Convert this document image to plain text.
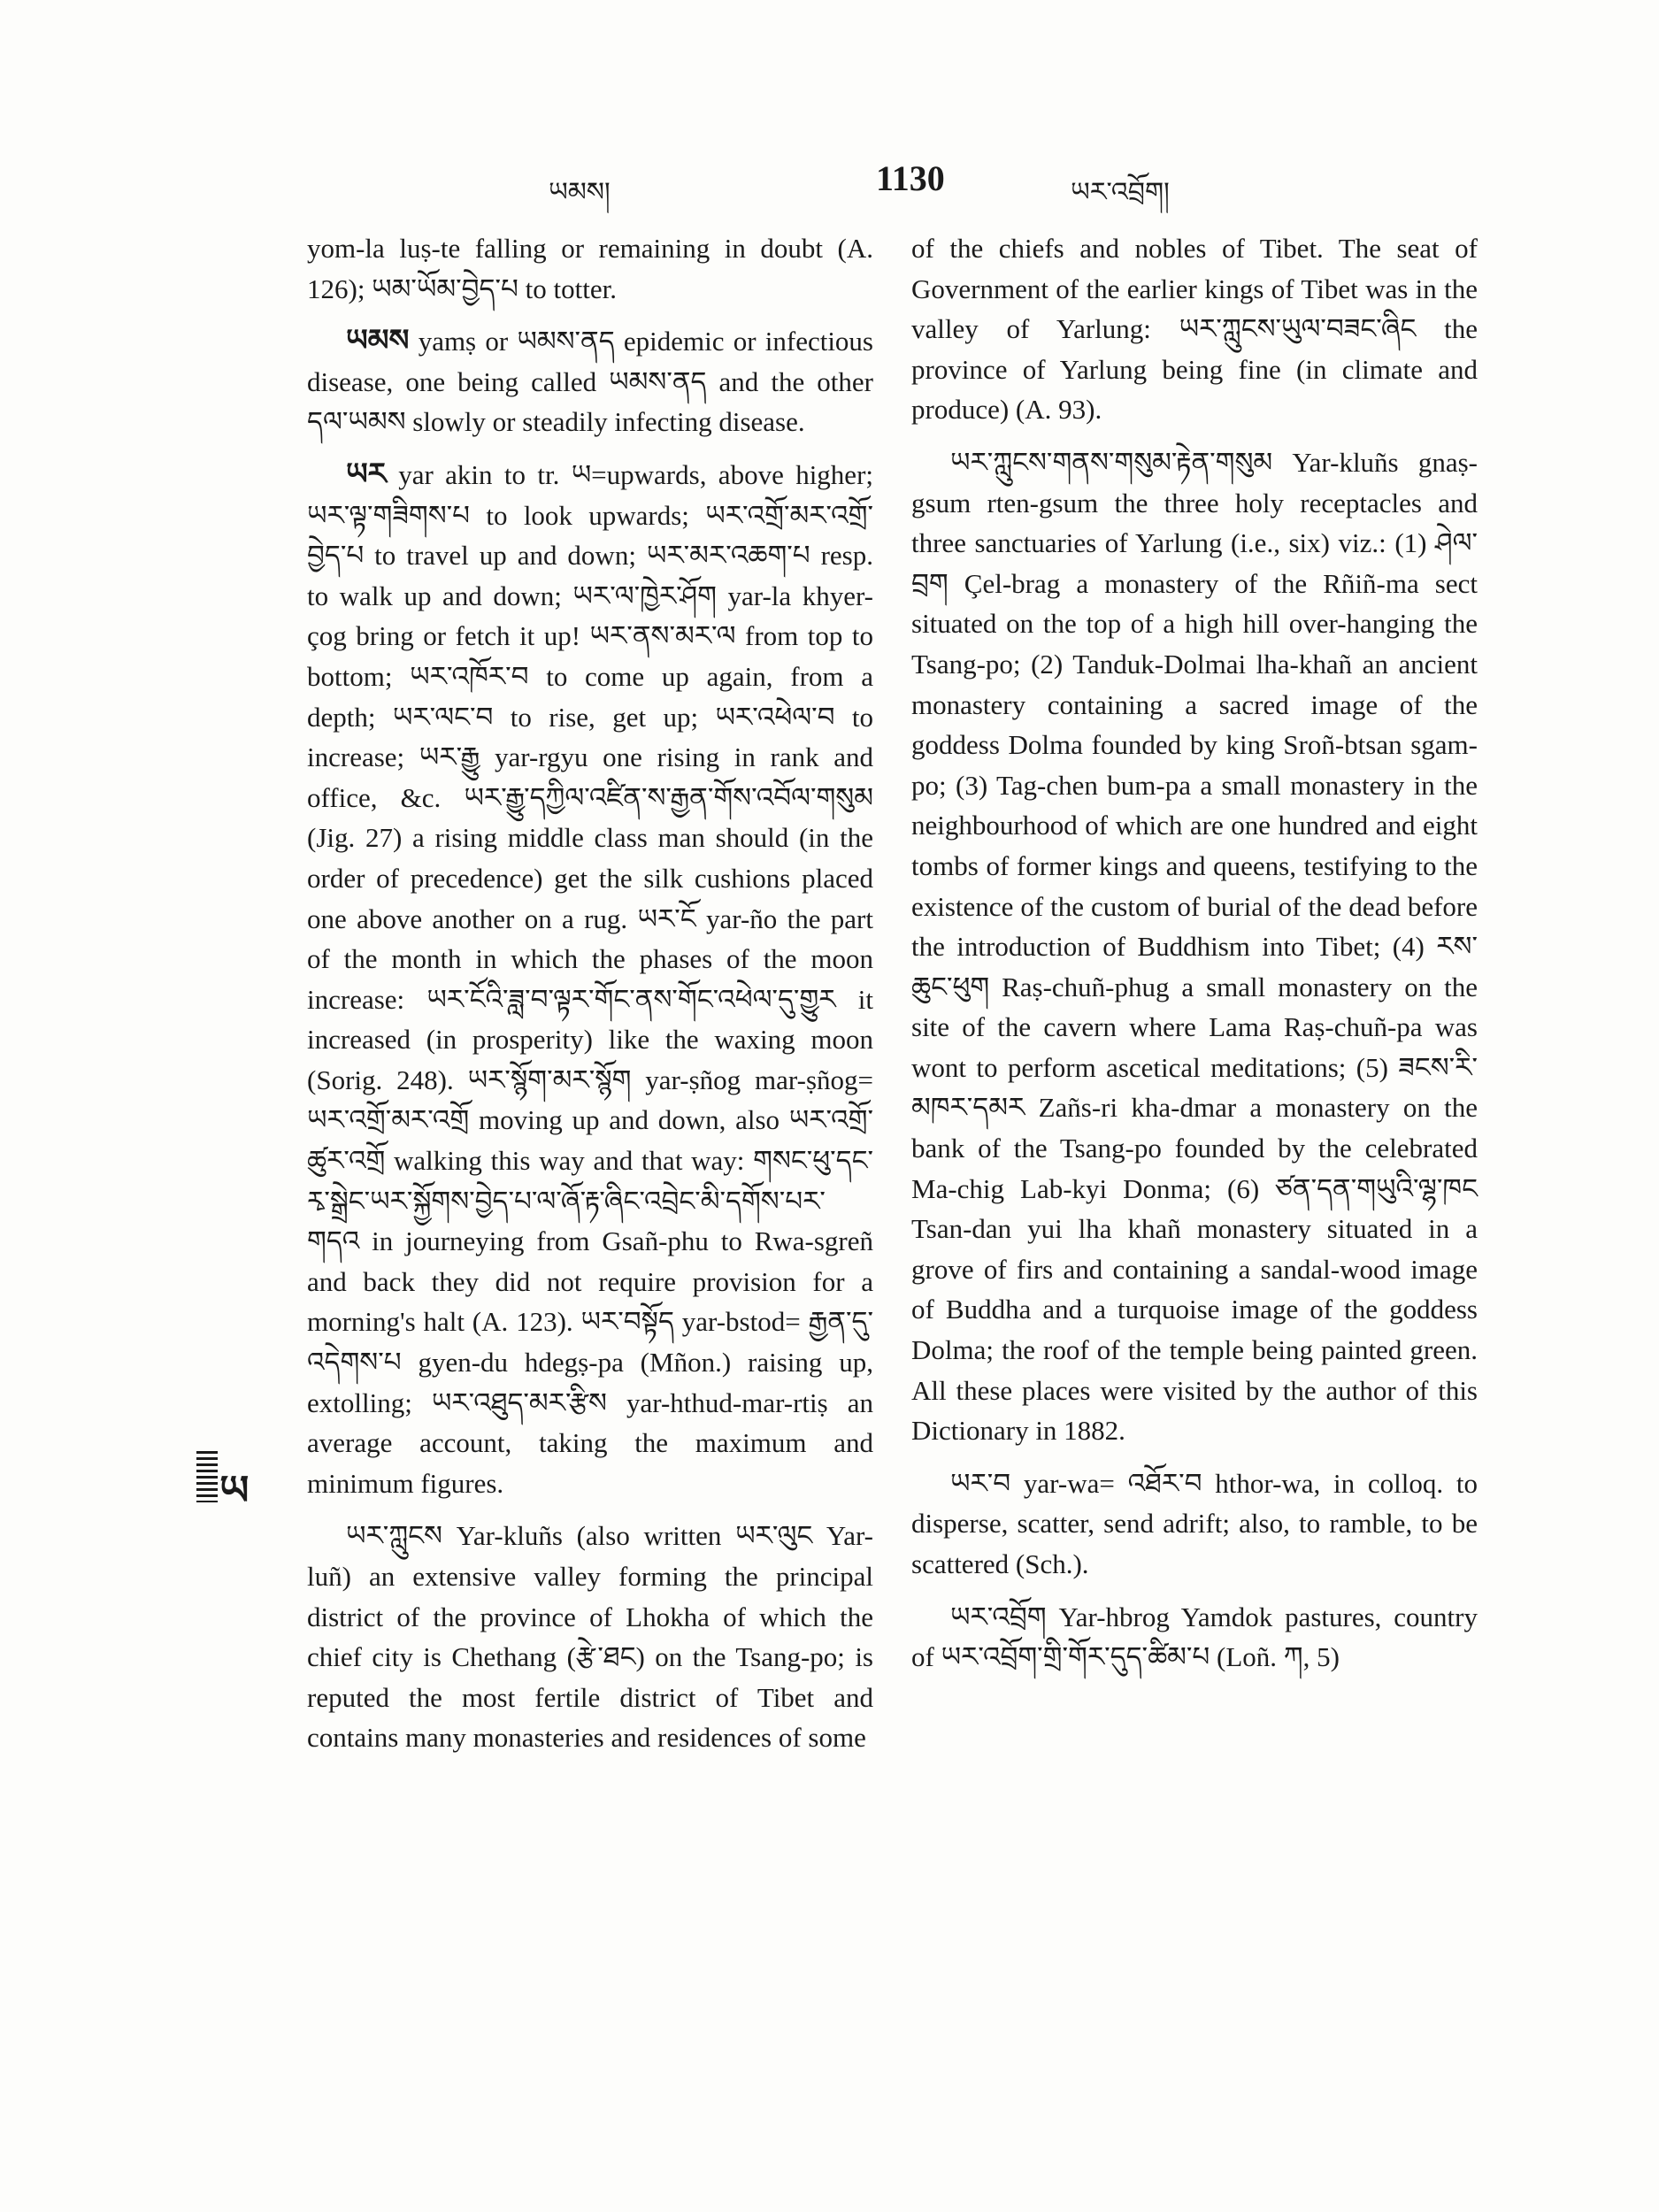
ཡམས།	1130	ཡར་འབྲོག།
ཡ

yom-la luṣ-te falling or remaining in doubt (A. 126); ཡམ་ཡོམ་བྱེད་པ to totter.

ཡམས yamṣ or ཡམས་ནད epidemic or infectious disease, one being called ཡམས་ནད and the other དལ་ཡམས slowly or steadily infecting disease.

ཡར yar akin to tr. ཡ=upwards, above higher; ཡར་ལྟ་གཟིགས་པ to look upwards; ཡར་འགྲོ་མར་འགྲོ་བྱེད་པ to travel up and down; ཡར་མར་འཆག་པ resp. to walk up and down; ཡར་ལ་ཁྱེར་ཤོག yar-la khyer-çog bring or fetch it up! ཡར་ནས་མར་ལ from top to bottom; ཡར་འཁོར་བ to come up again, from a depth; ཡར་ལང་བ to rise, get up; ཡར་འཕེལ་བ to increase; ཡར་རྒྱུ yar-rgyu one rising in rank and office, &c. ཡར་རྒྱུ་དཀྱིལ་འཛིན་ས་རྒྱན་གོས་འབོལ་གསུམ (Jig. 27) a rising middle class man should (in the order of precedence) get the silk cushions placed one above another on a rug. ཡར་ངོ yar-ño the part of the month in which the phases of the moon increase: ཡར་ངོའི་ཟླ་བ་ལྟར་གོང་ནས་གོང་འཕེལ་དུ་གྱུར it increased (in prosperity) like the waxing moon (Sorig. 248). ཡར་སྙོག་མར་སྙོག yar-ṣñog mar-ṣñog= ཡར་འགྲོ་མར་འགྲོ moving up and down, also ཡར་འགྲོ་ཚུར་འགྲོ walking this way and that way: གསང་ཕུ་དང་རྭ་སྒྲེང་ཡར་སྐྱོགས་བྱེད་པ་ལ་ཞོ་རྟ་ཞིང་འབྲེང་མི་དགོས་པར་གདའ in journeying from Gsañ-phu to Rwa-sgreñ and back they did not require provision for a morning's halt (A. 123). ཡར་བསྟོད yar-bstod= རྒྱན་དུ་འདེགས་པ gyen-du hdegṣ-pa (Mñon.) raising up, extolling; ཡར་འཐུད་མར་རྩིས yar-hthud-mar-rtiṣ an average account, taking the maximum and minimum figures.

ཡར་ཀླུངས Yar-kluñs (also written ཡར་ལུང Yar-luñ) an extensive valley forming the principal district of the province of Lhokha of which the chief city is Chethang (རྩེ་ཐང) on the Tsang-po; is reputed the most fertile district of Tibet and contains many monasteries and residences of some

of the chiefs and nobles of Tibet. The seat of Government of the earlier kings of Tibet was in the valley of Yarlung: ཡར་ཀླུངས་ཡུལ་བཟང་ཞིང the province of Yarlung being fine (in climate and produce) (A. 93).

ཡར་ཀླུངས་གནས་གསུམ་རྟེན་གསུམ Yar-kluñs gnaṣ-gsum rten-gsum the three holy receptacles and three sanctuaries of Yarlung (i.e., six) viz.: (1) ཤེལ་བྲག Çel-brag a monastery of the Rñiñ-ma sect situated on the top of a high hill over-hanging the Tsang-po; (2) Tanduk-Dolmai lha-khañ an ancient monastery containing a sacred image of the goddess Dolma founded by king Sroñ-btsan sgam-po; (3) Tag-chen bum-pa a small monastery in the neighbourhood of which are one hundred and eight tombs of former kings and queens, testifying to the existence of the custom of burial of the dead before the introduction of Buddhism into Tibet; (4) རས་ཆུང་ཕུག Raṣ-chuñ-phug a small monastery on the site of the cavern where Lama Raṣ-chuñ-pa was wont to perform ascetical meditations; (5) ཟངས་རི་མཁར་དམར Zañs-ri kha-dmar a monastery on the bank of the Tsang-po founded by the celebrated Ma-chig Lab-kyi Donma; (6) ཙན་དན་གཡུའི་ལྷ་ཁང Tsan-dan yui lha khañ monastery situated in a grove of firs and containing a sandal-wood image of Buddha and a turquoise image of the goddess Dolma; the roof of the temple being painted green. All these places were visited by the author of this Dictionary in 1882.

ཡར་བ yar-wa= འཐོར་བ hthor-wa, in colloq. to disperse, scatter, send adrift; also, to ramble, to be scattered (Sch.).

ཡར་འབྲོག Yar-hbrog Yamdok pastures, country of ཡར་འབྲོག་གྲི་གོར་དུད་ཚིམ་པ (Loñ. ཀ, 5)
